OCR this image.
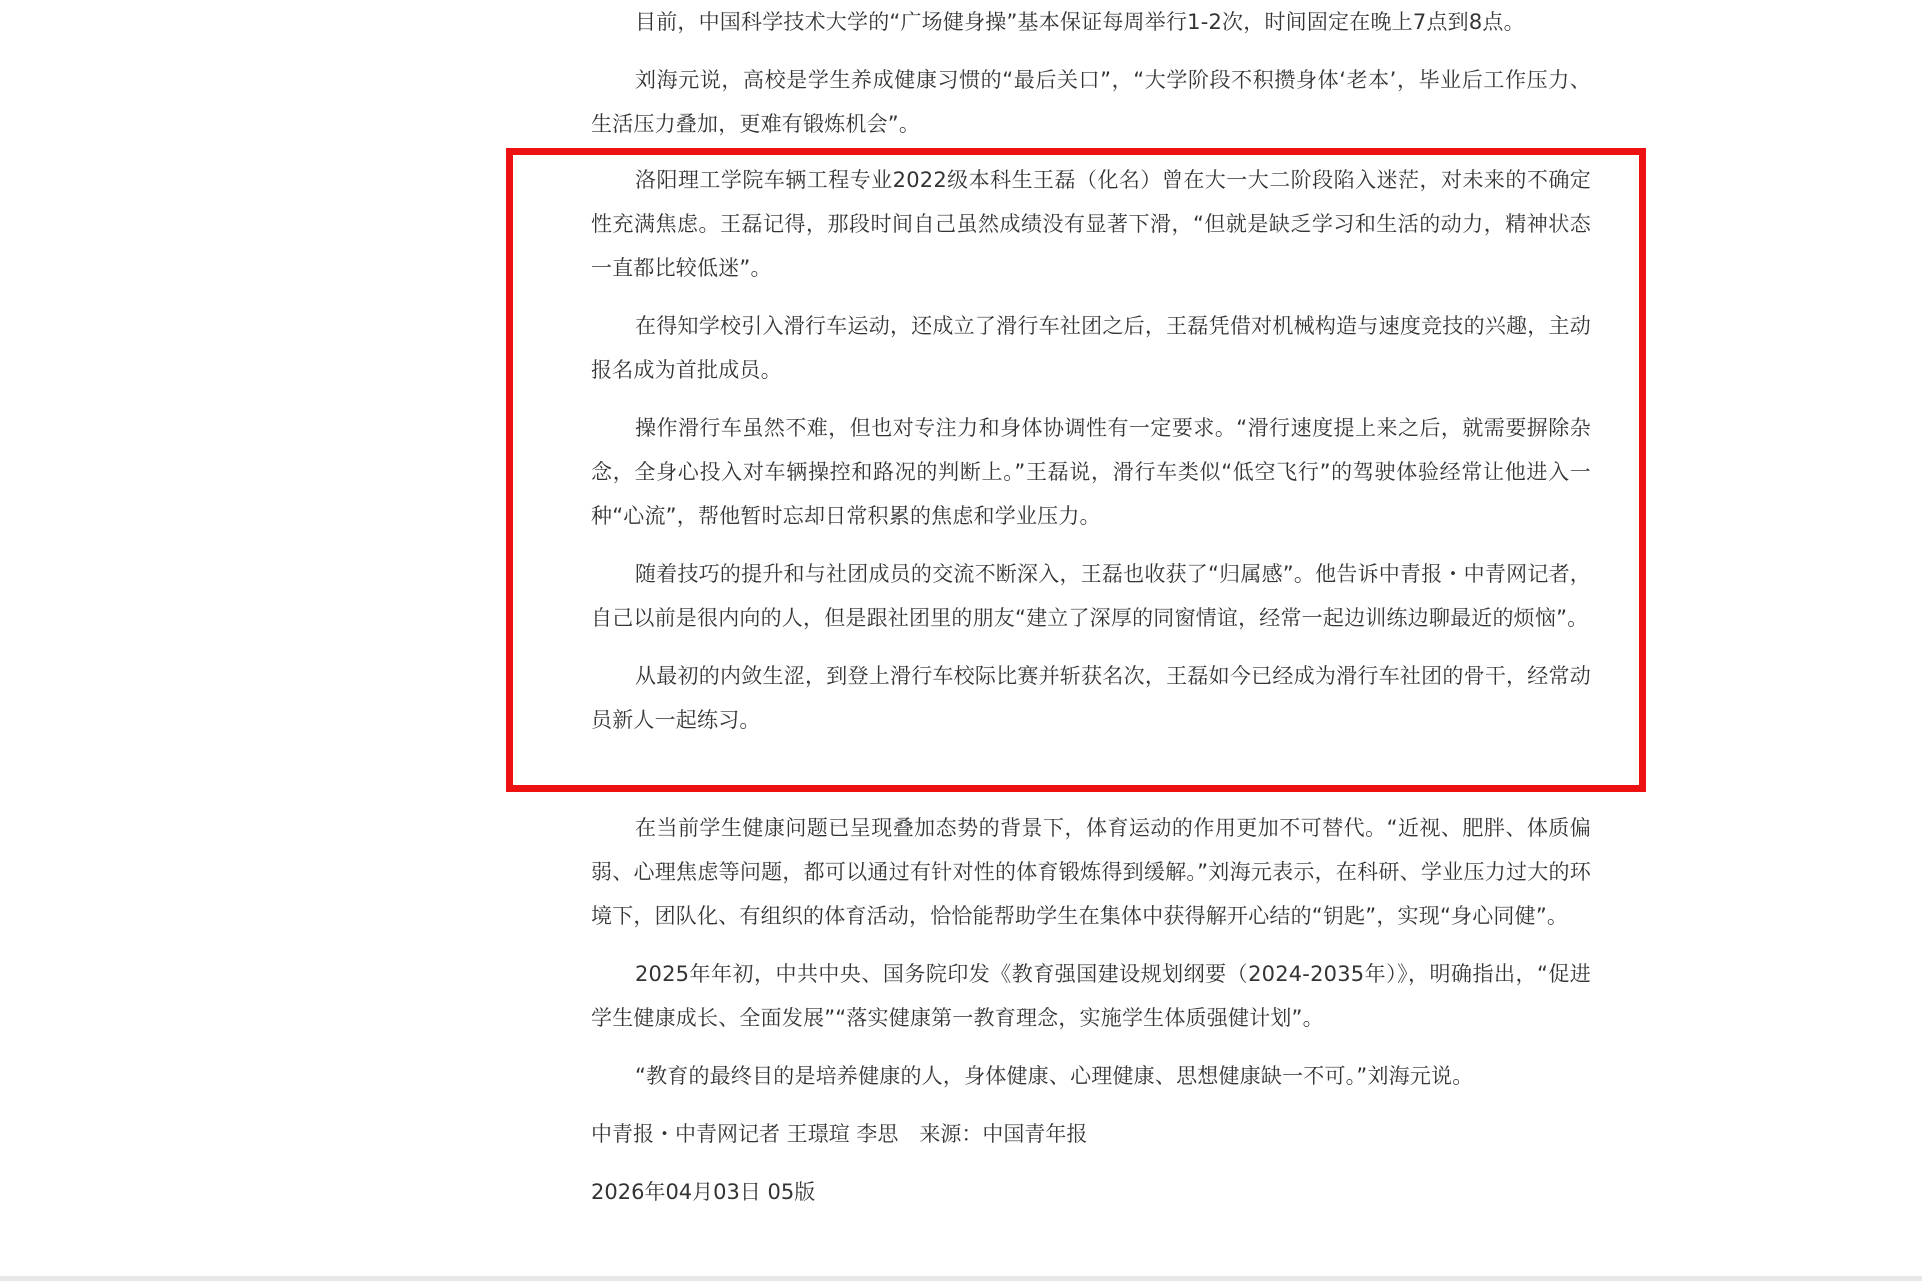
目前，中国科学技术大学的“广场健身操”基本保证每周举行1-2次，时间固定在晚上7点到8点。

刘海元说，高校是学生养成健康习惯的“最后关口”，“大学阶段不积攒身体‘老本’，毕业后工作压力、生活压力叠加，更难有锻炼机会”。

洛阳理工学院车辆工程专业2022级本科生王磊（化名）曾在大一大二阶段陷入迷茫，对未来的不确定性充满焦虑。王磊记得，那段时间自己虽然成绩没有显著下滑，“但就是缺乏学习和生活的动力，精神状态一直都比较低迷”。

在得知学校引入滑行车运动，还成立了滑行车社团之后，王磊凭借对机械构造与速度竞技的兴趣，主动报名成为首批成员。

操作滑行车虽然不难，但也对专注力和身体协调性有一定要求。“滑行速度提上来之后，就需要摒除杂念，全身心投入对车辆操控和路况的判断上。”王磊说，滑行车类似“低空飞行”的驾驶体验经常让他进入一种“心流”，帮他暂时忘却日常积累的焦虑和学业压力。

随着技巧的提升和与社团成员的交流不断深入，王磊也收获了“归属感”。他告诉中青报・中青网记者，自己以前是很内向的人，但是跟社团里的朋友“建立了深厚的同窗情谊，经常一起边训练边聊最近的烦恼”。

从最初的内敛生涩，到登上滑行车校际比赛并斩获名次，王磊如今已经成为滑行车社团的骨干，经常动员新人一起练习。

在当前学生健康问题已呈现叠加态势的背景下，体育运动的作用更加不可替代。“近视、肥胖、体质偏弱、心理焦虑等问题，都可以通过有针对性的体育锻炼得到缓解。”刘海元表示，在科研、学业压力过大的环境下，团队化、有组织的体育活动，恰恰能帮助学生在集体中获得解开心结的“钥匙”，实现“身心同健”。

2025年年初，中共中央、国务院印发《教育强国建设规划纲要（2024-2035年）》，明确指出，“促进学生健康成长、全面发展”“落实健康第一教育理念，实施学生体质强健计划”。

“教育的最终目的是培养健康的人，身体健康、心理健康、思想健康缺一不可。”刘海元说。

中青报・中青网记者 王璟瑄 李思　来源：中国青年报

2026年04月03日 05版
